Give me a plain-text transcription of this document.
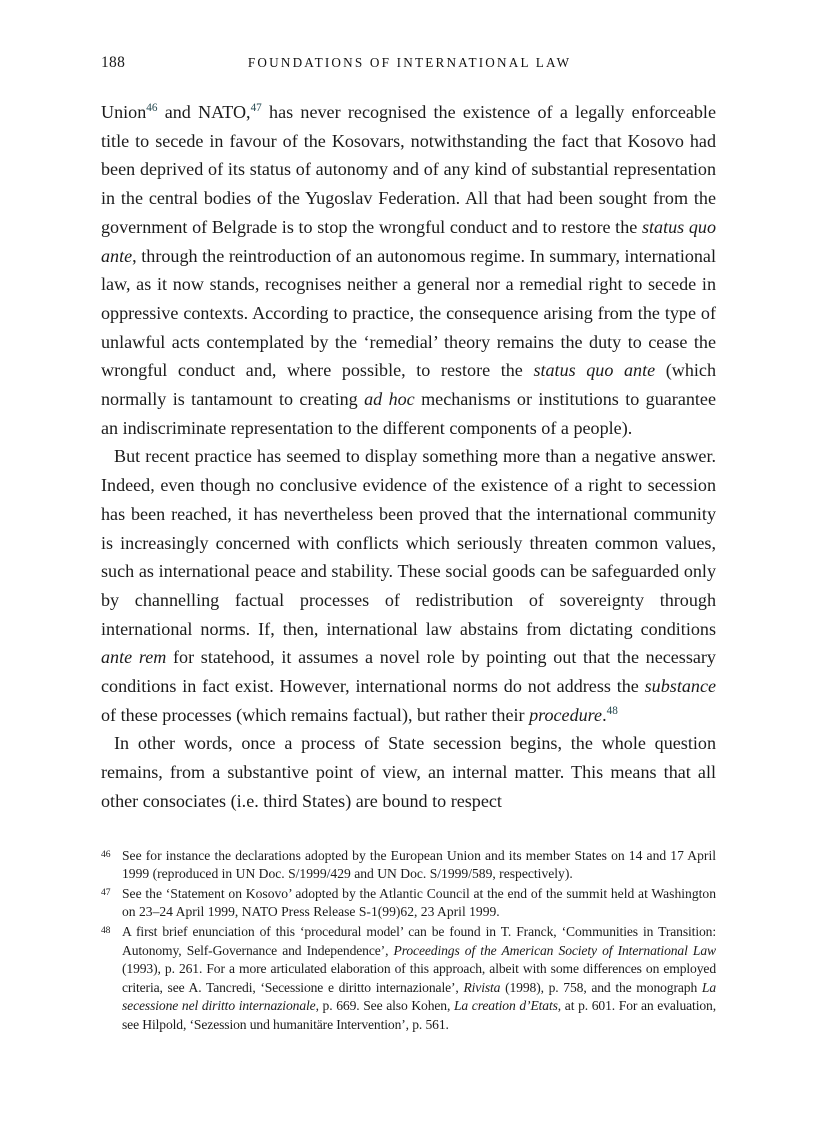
188	FOUNDATIONS OF INTERNATIONAL LAW

Union$^{46}$ and NATO,$^{47}$ has never recognised the existence of a legally enforceable title to secede in favour of the Kosovars, notwithstanding the fact that Kosovo had been deprived of its status of autonomy and of any kind of substantial representation in the central bodies of the Yugoslav Federation. All that had been sought from the government of Belgrade is to stop the wrongful conduct and to restore the status quo ante, through the reintroduction of an autonomous regime. In summary, international law, as it now stands, recognises neither a general nor a remedial right to secede in oppressive contexts. According to practice, the consequence arising from the type of unlawful acts contemplated by the ‘remedial’ theory remains the duty to cease the wrongful conduct and, where possible, to restore the status quo ante (which normally is tantamount to creating ad hoc mechanisms or institutions to guarantee an indiscriminate representation to the different components of a people).

But recent practice has seemed to display something more than a negative answer. Indeed, even though no conclusive evidence of the existence of a right to secession has been reached, it has nevertheless been proved that the international community is increasingly concerned with conflicts which seriously threaten common values, such as international peace and stability. These social goods can be safeguarded only by channelling factual processes of redistribution of sovereignty through international norms. If, then, international law abstains from dictating conditions ante rem for statehood, it assumes a novel role by pointing out that the necessary conditions in fact exist. However, international norms do not address the substance of these processes (which remains factual), but rather their procedure.$^{48}$

In other words, once a process of State secession begins, the whole question remains, from a substantive point of view, an internal matter. This means that all other consociates (i.e. third States) are bound to respect

46 See for instance the declarations adopted by the European Union and its member States on 14 and 17 April 1999 (reproduced in UN Doc. S/1999/429 and UN Doc. S/1999/589, respectively).
47 See the ‘Statement on Kosovo’ adopted by the Atlantic Council at the end of the summit held at Washington on 23–24 April 1999, NATO Press Release S-1(99)62, 23 April 1999.
48 A first brief enunciation of this ‘procedural model’ can be found in T. Franck, ‘Communities in Transition: Autonomy, Self-Governance and Independence’, Proceedings of the American Society of International Law (1993), p. 261. For a more articulated elaboration of this approach, albeit with some differences on employed criteria, see A. Tancredi, ‘Secessione e diritto internazionale’, Rivista (1998), p. 758, and the monograph La secessione nel diritto internazionale, p. 669. See also Kohen, La creation d’Etats, at p. 601. For an evaluation, see Hilpold, ‘Sezession und humanitäre Intervention’, p. 561.
